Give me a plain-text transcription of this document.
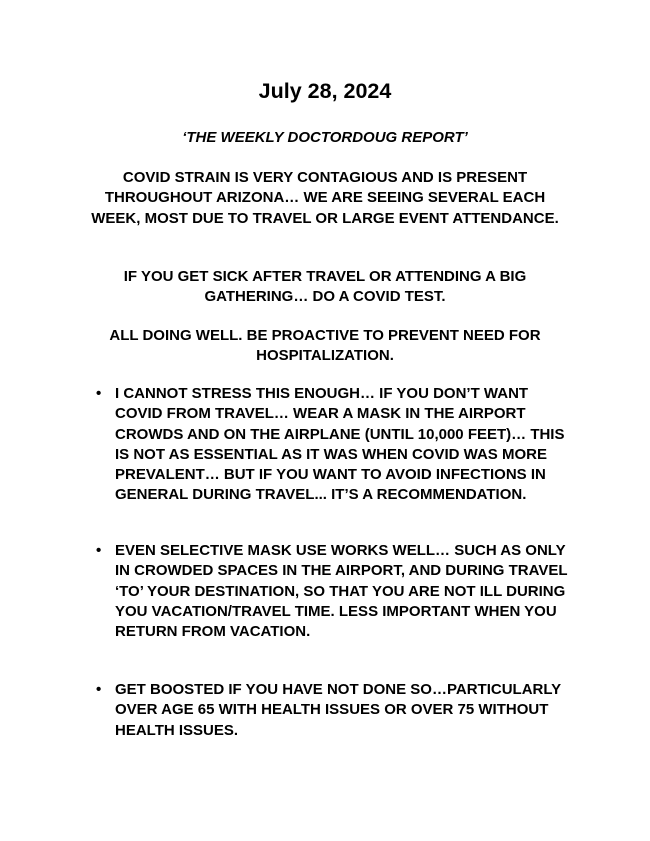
July 28, 2024
‘THE WEEKLY DOCTORDOUG REPORT’
COVID STRAIN IS VERY CONTAGIOUS AND IS PRESENT THROUGHOUT ARIZONA… WE ARE SEEING SEVERAL EACH WEEK, MOST DUE TO TRAVEL OR LARGE EVENT ATTENDANCE.
IF YOU GET SICK AFTER TRAVEL OR ATTENDING A BIG GATHERING… DO A COVID TEST.
ALL DOING WELL. BE PROACTIVE TO PREVENT NEED FOR HOSPITALIZATION.
• I CANNOT STRESS THIS ENOUGH… IF YOU DON’T WANT COVID FROM TRAVEL… WEAR A MASK IN THE AIRPORT CROWDS AND ON THE AIRPLANE (UNTIL 10,000 FEET)… THIS IS NOT AS ESSENTIAL AS IT WAS WHEN COVID WAS MORE PREVALENT… BUT IF YOU WANT TO AVOID INFECTIONS IN GENERAL DURING TRAVEL... IT’S A RECOMMENDATION.
• EVEN SELECTIVE MASK USE WORKS WELL… SUCH AS ONLY IN CROWDED SPACES IN THE AIRPORT, AND DURING TRAVEL ‘TO’ YOUR DESTINATION, SO THAT YOU ARE NOT ILL DURING YOU VACATION/TRAVEL TIME. LESS IMPORTANT WHEN YOU RETURN FROM VACATION.
• GET BOOSTED IF YOU HAVE NOT DONE SO…PARTICULARLY OVER AGE 65 WITH HEALTH ISSUES OR OVER 75 WITHOUT HEALTH ISSUES.
